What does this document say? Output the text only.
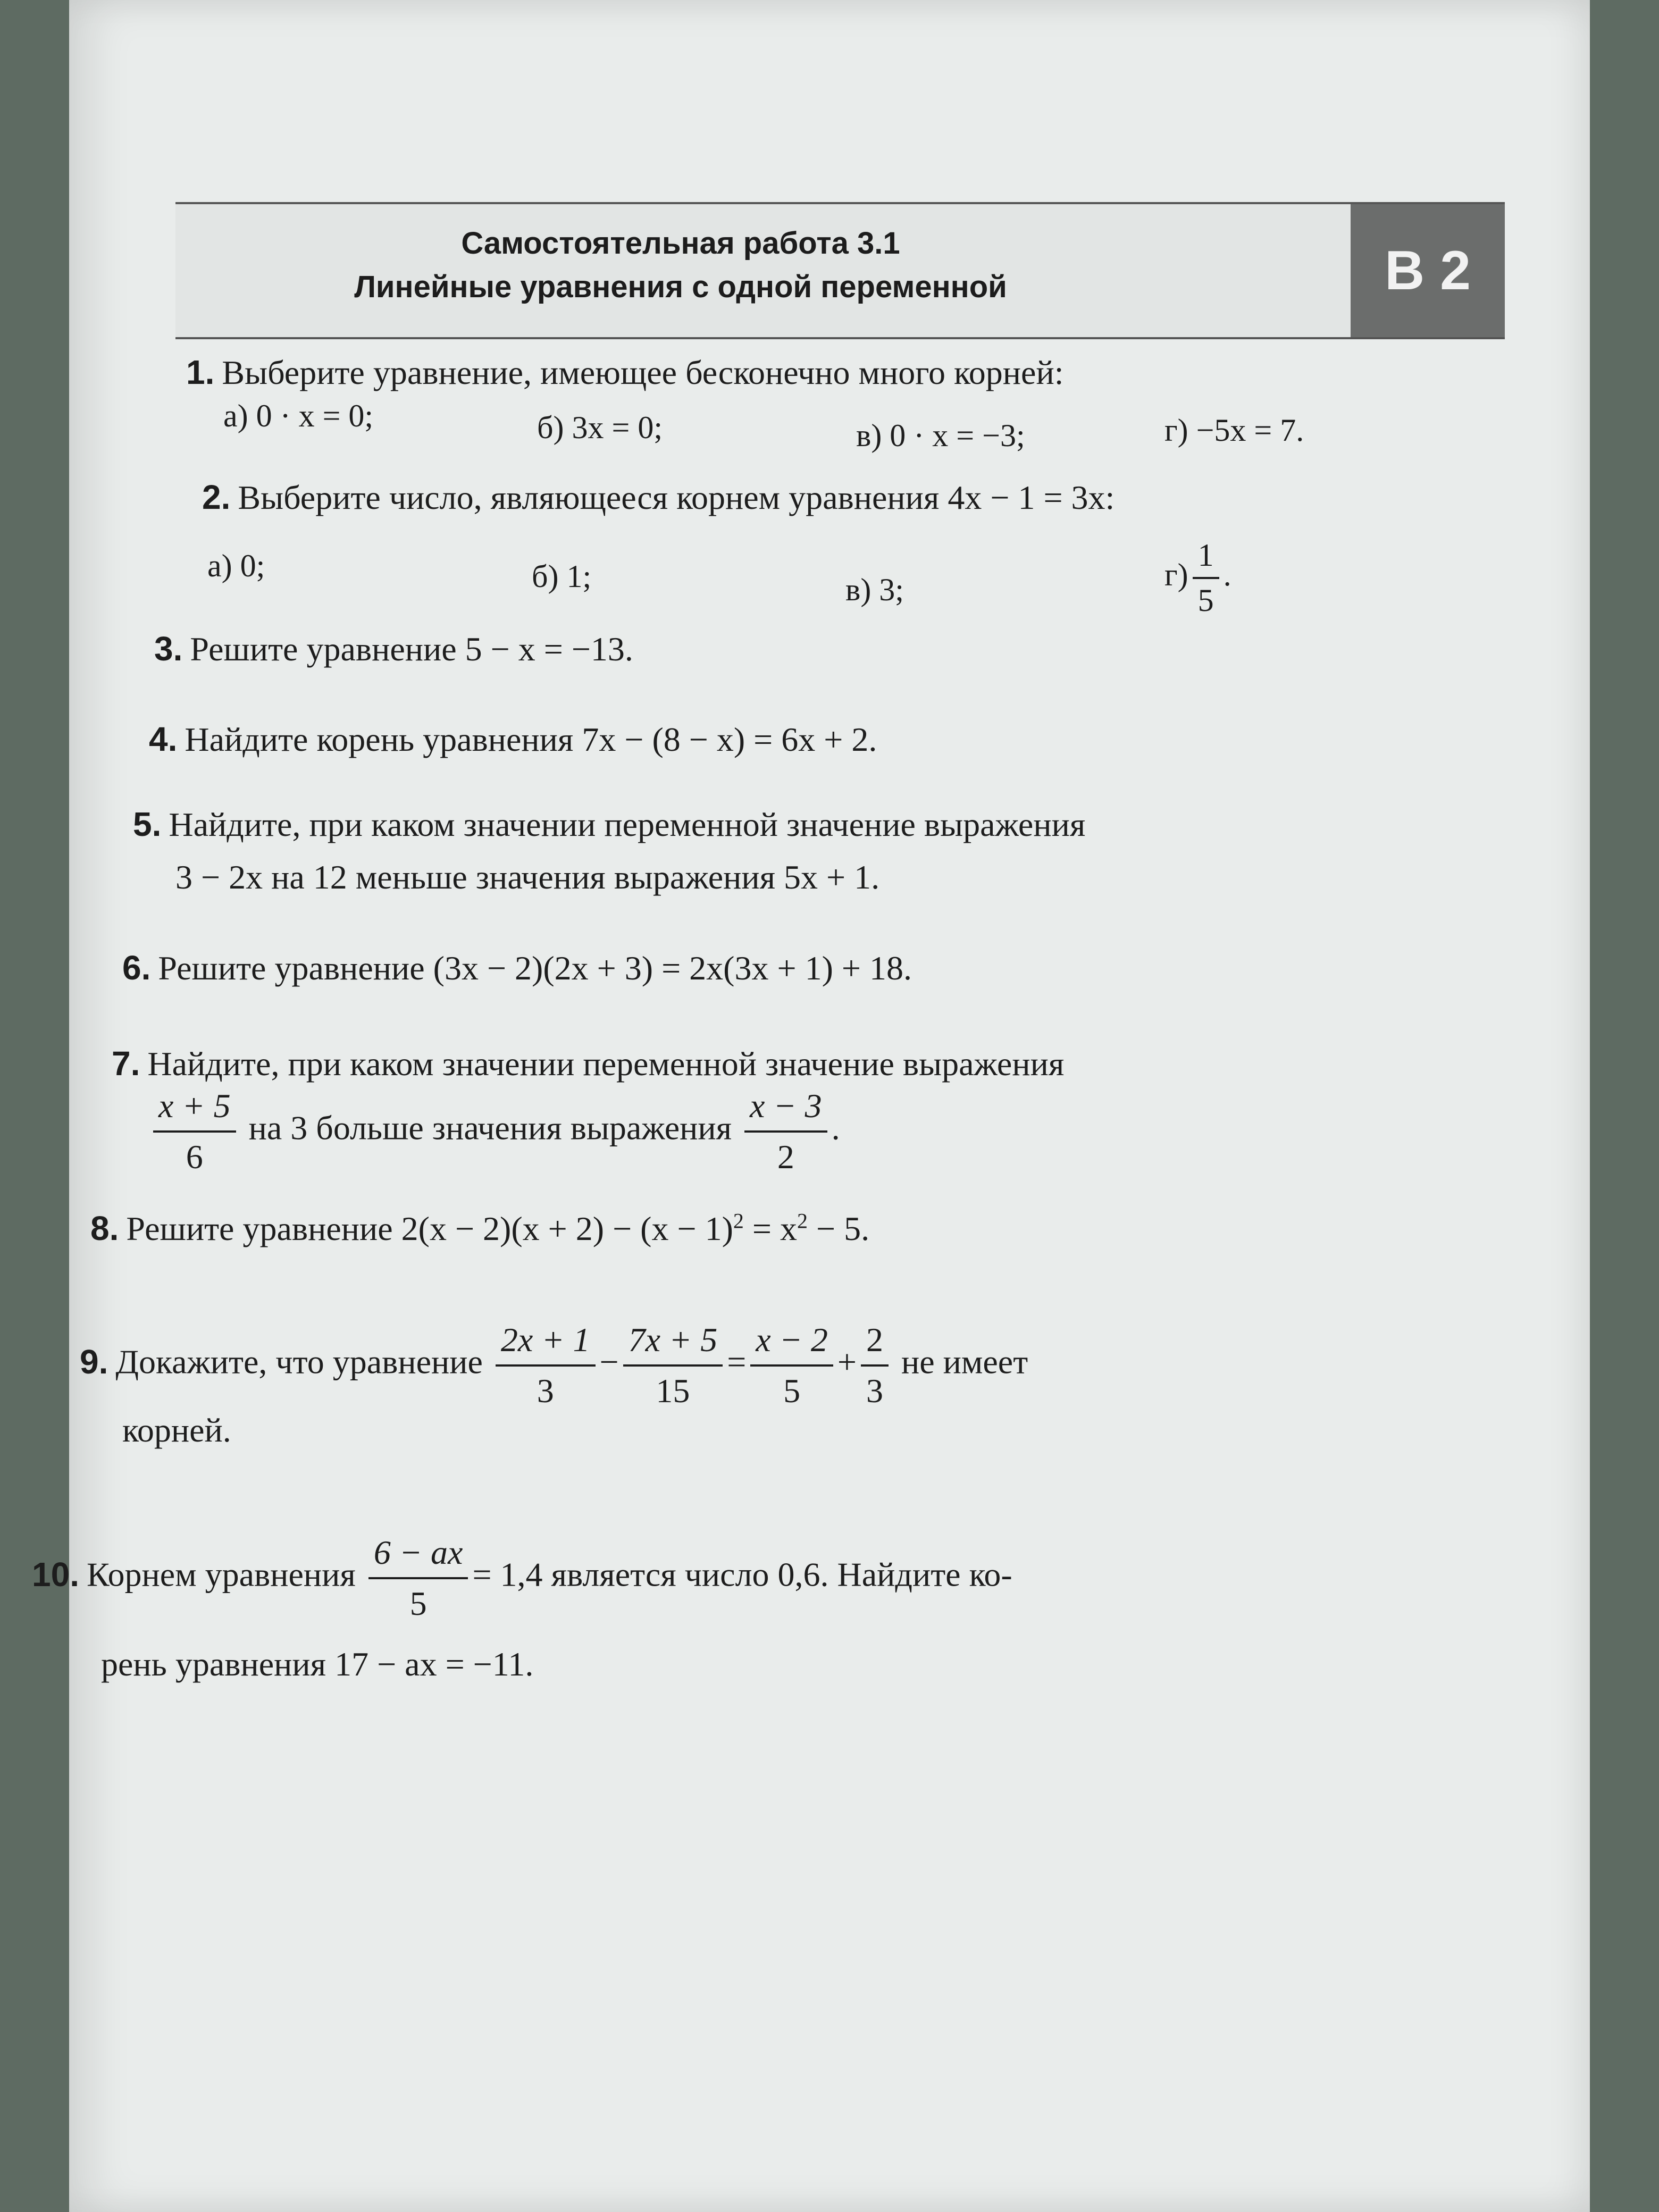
Самостоятельная работа 3.1
Линейные уравнения с одной переменной	В 2
1. Выберите уравнение, имеющее бесконечно много корней:
а) 0 · x = 0;	б) 3x = 0;	в) 0 · x = −3;	г) −5x = 7.
2. Выберите число, являющееся корнем уравнения 4x − 1 = 3x:
а) 0;	б) 1;	в) 3;	$г) \frac{1}{5}$ .
3. Решите уравнение 5 − x = −13.
4. Найдите корень уравнения 7x − (8 − x) = 6x + 2.
5. Найдите, при каком значении переменной значение выражения
3 − 2x на 12 меньше значения выражения 5x + 1.
6. Решите уравнение (3x − 2)(2x + 3) = 2x(3x + 1) + 18.
7. Найдите, при каком значении переменной значение выражения
$\frac{x + 5}{6}$ на 3 больше значения выражения $\frac{x - 3}{2}$ .
8. Решите уравнение $2(x - 2)(x + 2) - (x - 1)^2 = x^2 - 5$.
9. Докажите, что уравнение $\frac{2x + 1}{3} - \frac{7x + 5}{15} = \frac{x - 2}{5} + \frac{2}{3}$ не имеет
корней.
10. Корнем уравнения $\frac{6 - ax}{5} = 1,4$ является число 0,6. Найдите ко-
рень уравнения 17 − ax = −11.
